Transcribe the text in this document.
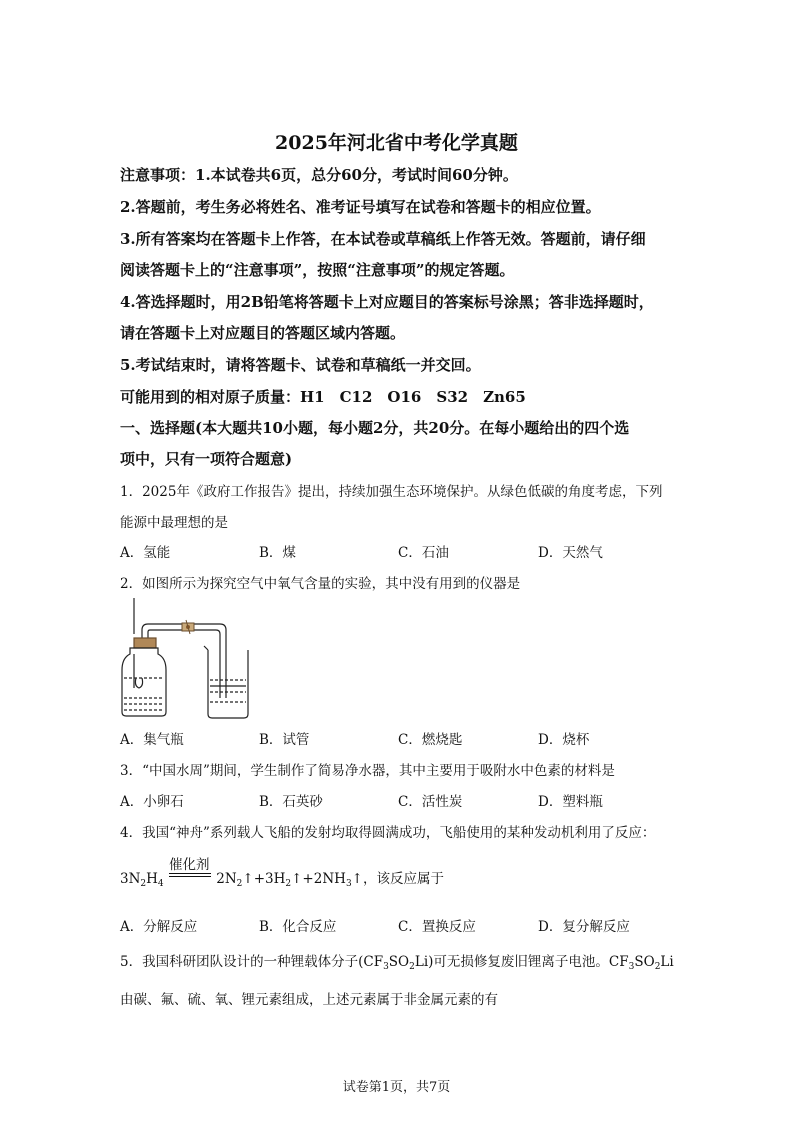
2025年河北省中考化学真题
注意事项：1.本试卷共6页，总分60分，考试时间60分钟。
2.答题前，考生务必将姓名、准考证号填写在试卷和答题卡的相应位置。
3.所有答案均在答题卡上作答，在本试卷或草稿纸上作答无效。答题前，请仔细
阅读答题卡上的“注意事项”，按照“注意事项”的规定答题。
4.答选择题时，用2B铅笔将答题卡上对应题目的答案标号涂黑；答非选择题时，
请在答题卡上对应题目的答题区域内答题。
5.考试结束时，请将答题卡、试卷和草稿纸一并交回。
可能用到的相对原子质量：H1　C12　O16　S32　Zn65
一、选择题(本大题共10小题，每小题2分，共20分。在每小题给出的四个选
项中，只有一项符合题意)
1．2025年《政府工作报告》提出，持续加强生态环境保护。从绿色低碳的角度考虑，下列
能源中最理想的是
A．氢能	B．煤	C．石油	D．天然气
2．如图所示为探究空气中氧气含量的实验，其中没有用到的仪器是
A．集气瓶	B．试管	C．燃烧匙	D．烧杯
3．“中国水周”期间，学生制作了简易净水器，其中主要用于吸附水中色素的材料是
A．小卵石	B．石英砂	C．活性炭	D．塑料瓶
4．我国“神舟”系列载人飞船的发射均取得圆满成功，飞船使用的某种发动机利用了反应：
$3N_2H_4$
催化剂
$2N_2↑+3H_2↑+2NH_3↑$，该反应属于
A．分解反应	B．化合反应	C．置换反应	D．复分解反应
5．我国科研团队设计的一种锂载体分子$(CF_3SO_2Li)$可无损修复废旧锂离子电池。$CF_3SO_2Li$
由碳、氟、硫、氧、锂元素组成，上述元素属于非金属元素的有
试卷第1页，共7页
